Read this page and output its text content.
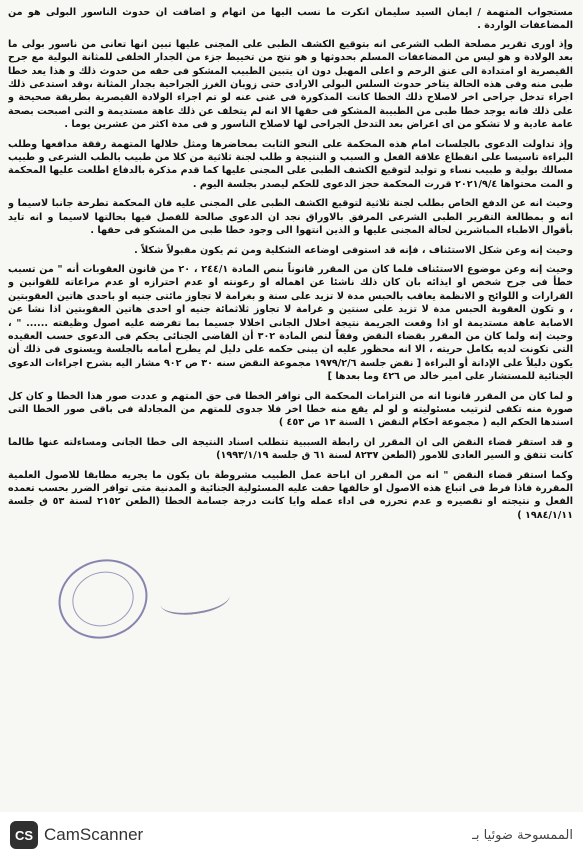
مستجواب المتهمة / ايمان السيد سليمان انكرت ما نسب اليها من اتهام و اضافت ان حدوث الناسور البولى هو من المضاعفات الواردة .

وإذ اورى تقرير مصلحة الطب الشرعى انه بتوقيع الكشف الطبى على المجنى عليها تبين انها تعانى من ناسور بولى ما بعد الولادة و هو ليس من المضاعفات المسلم بحدوثها و هو نتج من تخييط جزء من الجدار الخلفى للمثانة البولية مع جرح القيصرية او امتدادة الى عنق الرحم و اعلى المهبل دون ان يتبين الطبيب المشكو فى حقه من حدوث ذلك و هذا يعد خطا طبى منه وفى هذه الحالة يتاخر حدوث السلس البولى الارادى حتى زوبان الغرز الجراحية بجدار المثانة ،وقد استدعى ذلك اجراء تدخل جراحى اخر لاصلاح ذلك الخطا كانت المذكورة فى غنى عنه لو تم اجراء الولادة القيصرية بطريقة صحيحة و على ذلك فانه يوجد خطا طبى من الطبيبة المشكو فى حقها الا انه لم يتخلف عن ذلك عاهة مستديمة و التى اصبحت بصحة عامة عادية و لا تشكو من اى اعراض بعد التدخل الجراحى لها لاصلاح الناسور و فى مدة اكثر من عشرين يوما .

وإذ تداولت الدعوى بالجلسات امام هذه المحكمة على النحو الثابت بمحاضرها ومثل خلالها المتهمة رفقة مدافعها وطلب البراءة تاسيسا على انقطاع علاقة الفعل و السبب و النتيجة و طلب لجنة ثلاثية من كلا من طبيب بالطب الشرعى و طبيب مسالك بولية و طبيب نساء و توليد لتوقيع الكشف الطبى على المجنى عليها كما قدم مذكرة بالدفاع اطلعت عليها المحكمة و المت محتواها ٢٠٢١/٩/٤ قررت المحكمة حجز الدعوى للحكم ليصدر بجلسة اليوم .

وحيث انه عن الدفع الخاص بطلب لجنة ثلاثية لتوقيع الكشف الطبى على المجنى عليه فان المحكمة تطرحة جانبا لاسيما و انه و بمطالعة التقرير الطبى الشرعى المرفق بالاوراق نجد ان الدعوى صالحة للفصل فيها بحالتها لاسيما و انه تايد بأقوال الاطباء المباشرين لحالة المجنى عليها و الذين انتهوا الى وجود خطا طبى من المشكو فى حقها .

وحيث إنه وعن شكل الاستئناف ، فإنه قد استوفى اوضاعه الشكلية ومن ثم يكون مقبولاً شكلاً .

وحيث إنه وعن موضوع الاستئناف فلما كان من المقرر قانوناً بنص المادة ٢٤٤/١ ، ٢٠ من قانون العقوبات أنه " من تسبب خطأ فى جرح شخص او ايذائه بان كان ذلك ناشئا عن اهماله او رعونته او عدم احترازه او عدم مراعاته للقوانين و القرارات و اللوائح و الانظمة يعاقب بالحبس مدة لا تزيد على سنة و بغرامة لا تجاوز مائتى جنيه او باحدى هاتين العقوبتين ، و تكون العقوبة الحبس مدة لا تزيد على سنتين و غرامة لا تجاوز ثلاثمائة جنيه او احدى هاتين العقوبتين اذا نشا عن الاصابة عاهة مستديمة او اذا وقعت الجريمة نتيجة اخلال الجانى اخلالا جسيما بما تفرضه عليه اصول وظيفته ...... " ، وحيث إنه ولما كان من المقرر بقضاء النقض وفقاً لنص المادة ٣٠٢ أن القاضى الجنائى يحكم فى الدعوى حسب العقيده التى تكونت لديه بكامل حريته ، الا انه محظور عليه ان يبنى حكمه على دليل لم يطرح أمامه بالجلسة ويستوى فى ذلك أن يكون دليلاً على الإدانة أو البراءة [ نقض جلسة ١٩٧٩/٢/٦ مجموعة النقض سنه ٣٠ ص ٩٠٢ مشار اليه بشرح اجراءات الدعوى الجنائية للمستشار على امير خالد ص ٤٢٦ وما بعدها ]

و لما كان من المقرر قانونا انه من التزامات المحكمة الى توافر الخطا فى حق المتهم و عددت صور هذا الخطا و كان كل صورة منه تكفى لترتيب مسئوليته و لو لم يقع منه خطا اخر فلا جدوى للمتهم من المجادلة فى باقى صور الخطا التى اسندها الحكم اليه ( مجموعة احكام النقض ١ السنة ١٣ ص ٤٥٣ )

و قد استقر قضاء النقض الى ان المقرر ان رابطة السببية تتطلب اسناد النتيجة الى خطا الجانى ومساءلته عنها طالما كانت تتفق و السير العادى للامور (الطعن ٨٢٣٧ لسنة ٦١ ق جلسة ١٩٩٣/١/١٩)

وكما استقر قضاء النقض " انه من المقرر ان اباحة عمل الطبيب مشروطة بان يكون ما يجريه مطابقا للاصول العلمية المقررة فاذا فرط فى اتباع هذه الاصول او خالفها حقت عليه المسئولية الجنائية و المدنية متى توافر الضرر بحسب تعمده الفعل و نتيجته او تقصيره و عدم تحرزه فى اداء عمله وايا كانت درجة جسامة الخطا (الطعن ٢١٥٢ لسنة ٥٣ ق جلسة ١٩٨٤/١/١١ )

CS CamScanner	الممسوحة ضوئيا بـ
